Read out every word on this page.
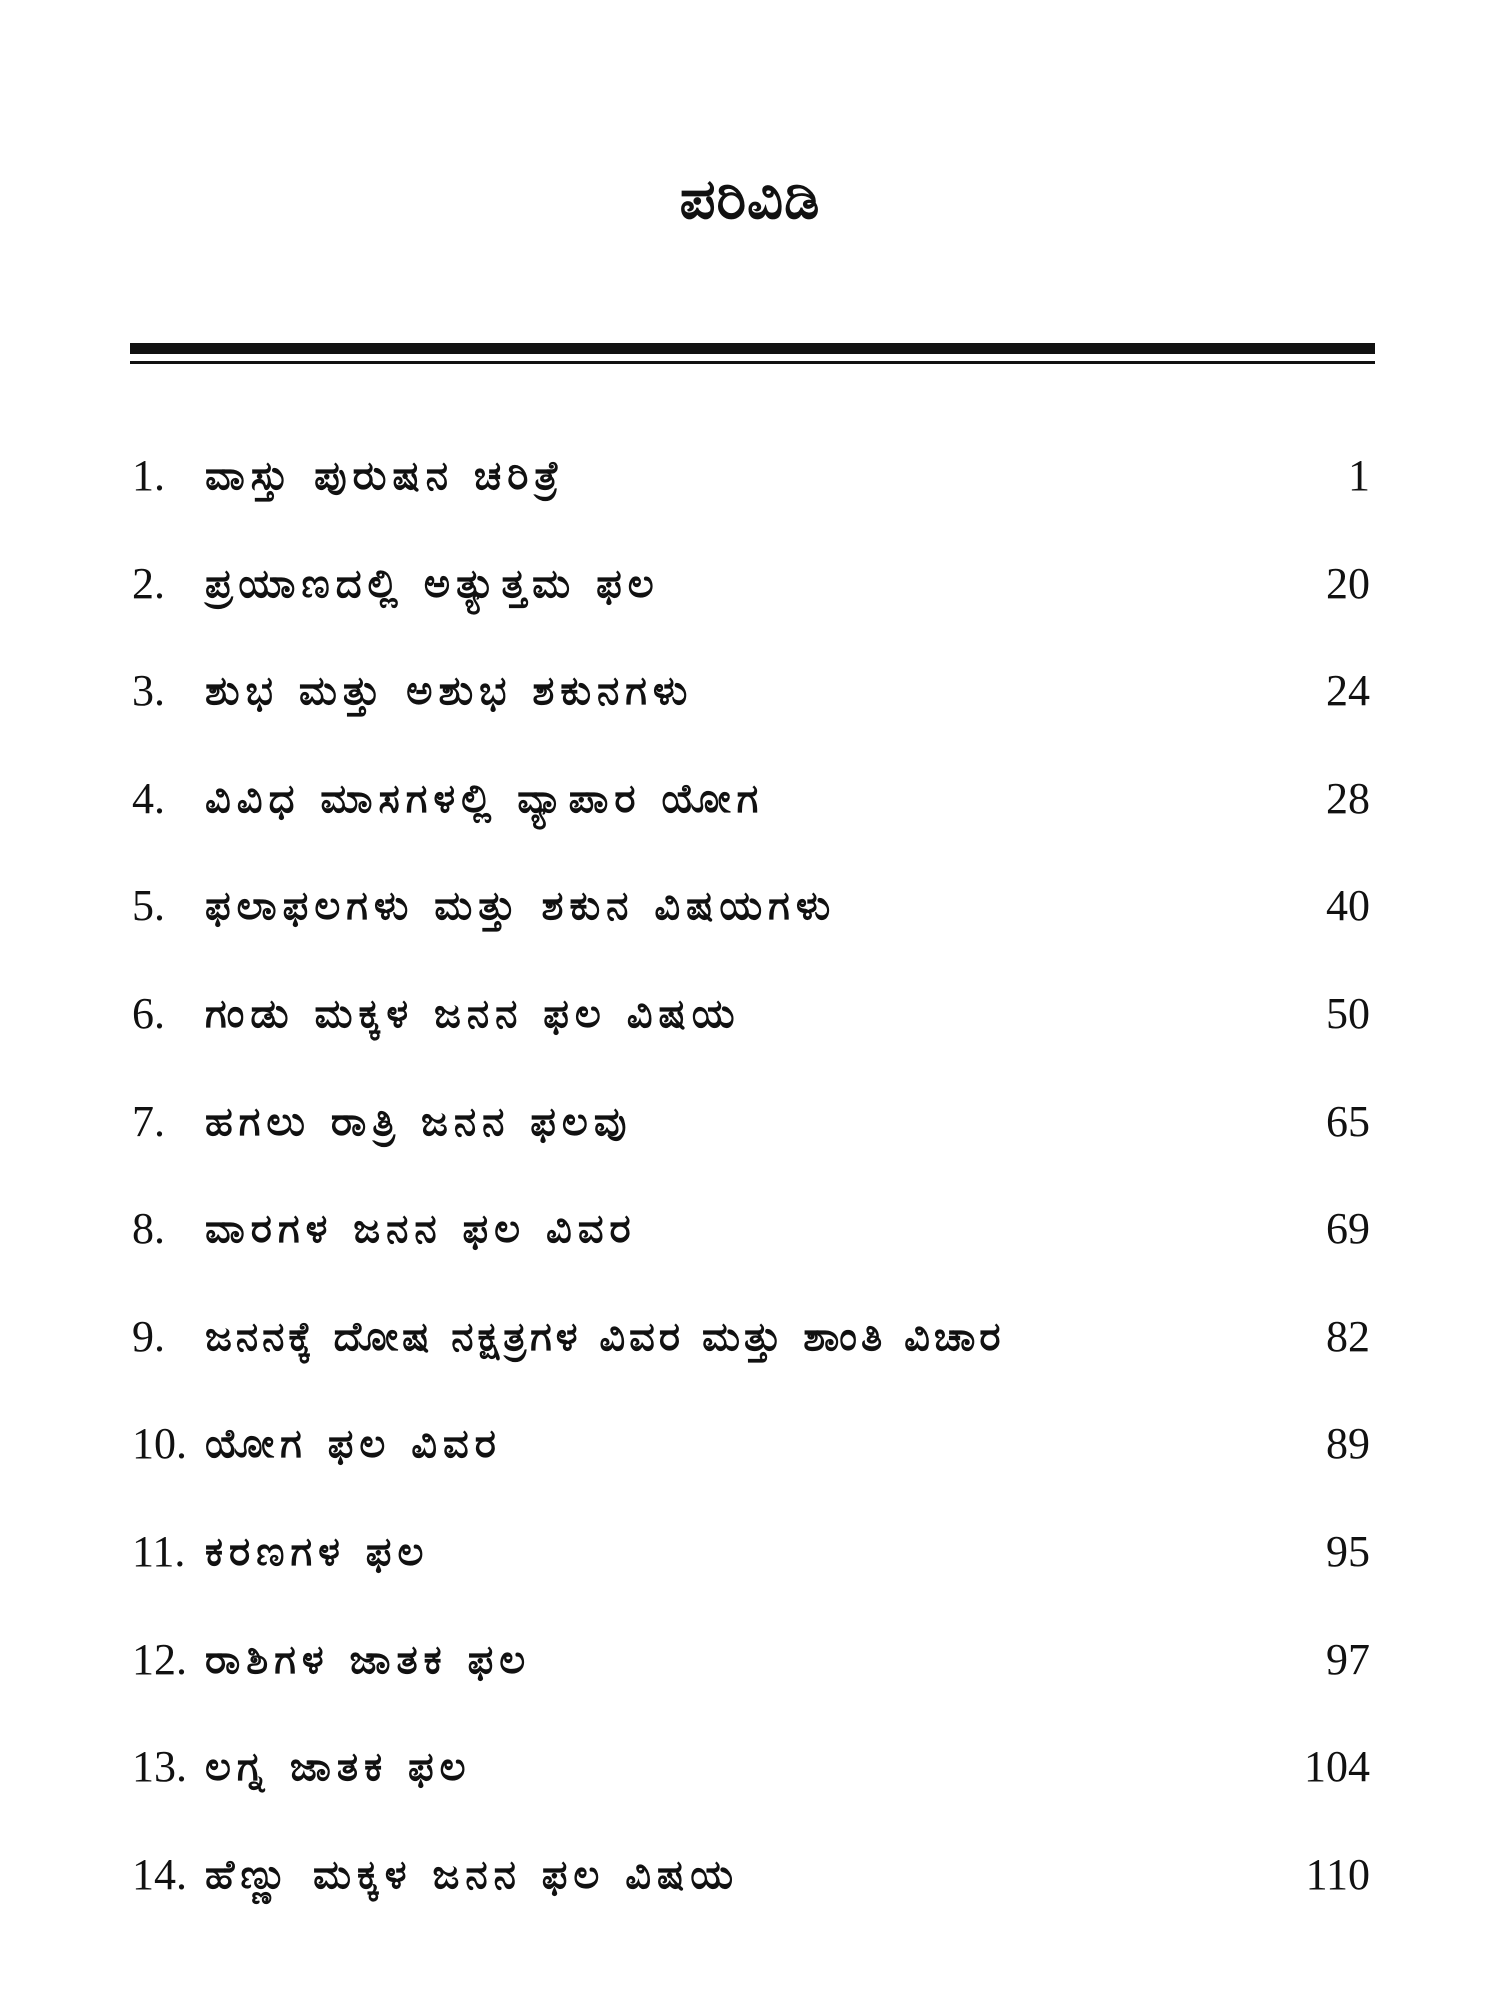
ಪರಿವಿಡಿ
1. ವಾಸ್ತು ಪುರುಷನ ಚರಿತ್ರೆ	1
2. ಪ್ರಯಾಣದಲ್ಲಿ ಅತ್ಯುತ್ತಮ ಫಲ	20
3. ಶುಭ ಮತ್ತು ಅಶುಭ ಶಕುನಗಳು	24
4. ವಿವಿಧ ಮಾಸಗಳಲ್ಲಿ ವ್ಯಾಪಾರ ಯೋಗ	28
5. ಫಲಾಫಲಗಳು ಮತ್ತು ಶಕುನ ವಿಷಯಗಳು	40
6. ಗಂಡು ಮಕ್ಕಳ ಜನನ ಫಲ ವಿಷಯ	50
7. ಹಗಲು ರಾತ್ರಿ ಜನನ ಫಲವು	65
8. ವಾರಗಳ ಜನನ ಫಲ ವಿವರ	69
9. ಜನನಕ್ಕೆ ದೋಷ ನಕ್ಷತ್ರಗಳ ವಿವರ ಮತ್ತು ಶಾಂತಿ ವಿಚಾರ	82
10. ಯೋಗ ಫಲ ವಿವರ	89
11. ಕರಣಗಳ ಫಲ	95
12. ರಾಶಿಗಳ ಜಾತಕ ಫಲ	97
13. ಲಗ್ನ ಜಾತಕ ಫಲ	104
14. ಹೆಣ್ಣು ಮಕ್ಕಳ ಜನನ ಫಲ ವಿಷಯ	110
